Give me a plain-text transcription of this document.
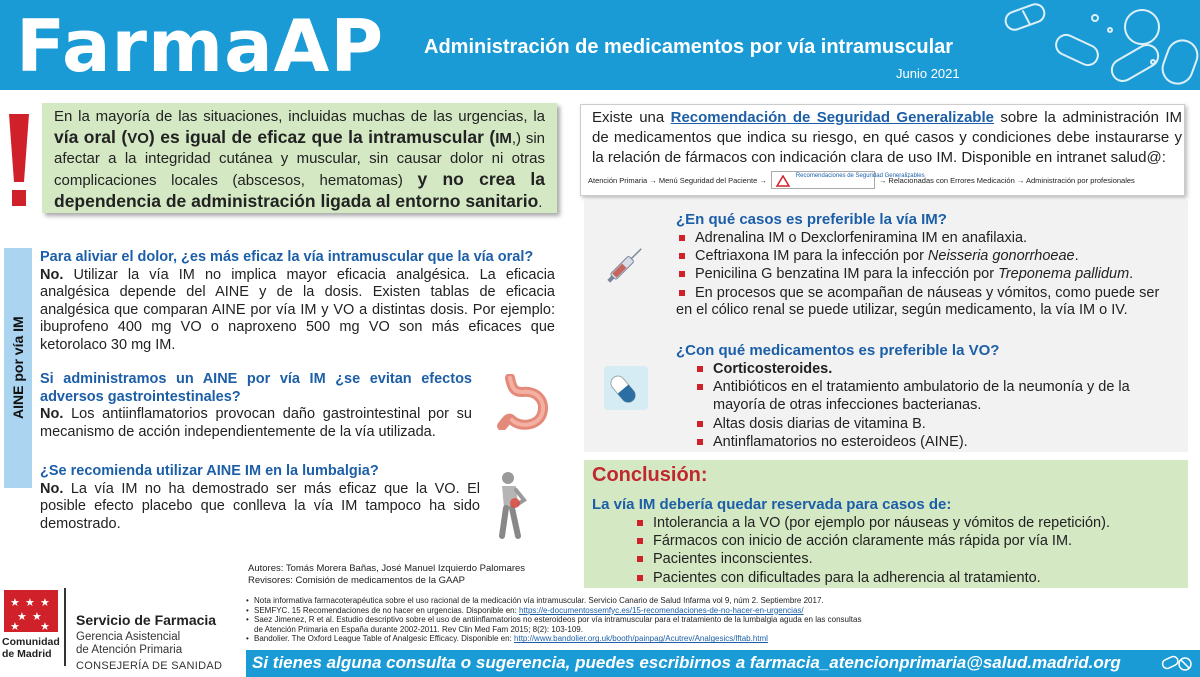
FarmaAP Administración de medicamentos por vía intramuscular
Junio 2021
En la mayoría de las situaciones, incluidas muchas de las urgencias, la vía oral (VO) es igual de eficaz que la intramuscular (IM,) sin afectar a la integridad cutánea y muscular, sin causar dolor ni otras complicaciones locales (abscesos, hematomas) y no crea la dependencia de administración ligada al entorno sanitario.
AINE por vía IM
Para aliviar el dolor, ¿es más eficaz la vía intramuscular que la vía oral?
No. Utilizar la vía IM no implica mayor eficacia analgésica. La eficacia analgésica depende del AINE y de la dosis. Existen tablas de eficacia analgésica que comparan AINE por vía IM y VO a distintas dosis. Por ejemplo: ibuprofeno 400 mg VO o naproxeno 500 mg VO son más eficaces que ketorolaco 30 mg IM.
Si administramos un AINE por vía IM ¿se evitan efectos adversos gastrointestinales?
No. Los antiinflamatorios provocan daño gastrointestinal por su mecanismo de acción independientemente de la vía utilizada.
¿Se recomienda utilizar AINE IM en la lumbalgia?
No. La vía IM no ha demostrado ser más eficaz que la VO. El posible efecto placebo que conlleva la vía IM tampoco ha sido demostrado.
Existe una Recomendación de Seguridad Generalizable sobre la administración IM de medicamentos que indica su riesgo, en qué casos y condiciones debe instaurarse y la relación de fármacos con indicación clara de uso IM. Disponible en intranet salud@:
Atención Primaria → Menú Seguridad del Paciente →	Recomendaciones de Seguridad Generalizables
→ Relacionadas con Errores Medicación → Administración por profesionales
¿En qué casos es preferible la vía IM?
Adrenalina IM o Dexclorfeniramina IM en anafilaxia.
Ceftriaxona IM para la infección por Neisseria gonorrhoeae.
Penicilina G benzatina IM para la infección por Treponema pallidum.
En procesos que se acompañan de náuseas y vómitos, como puede ser
en el cólico renal se puede utilizar, según medicamento, la vía IM o IV.
¿Con qué medicamentos es preferible la VO?
Corticosteroides.
Antibióticos en el tratamiento ambulatorio de la neumonía y de la mayoría de otras infecciones bacterianas.
Altas dosis diarias de vitamina B.
Antinflamatorios no esteroideos (AINE).
Conclusión:
La vía IM debería quedar reservada para casos de:
Intolerancia a la VO (por ejemplo por náuseas y vómitos de repetición).
Fármacos con inicio de acción claramente más rápida por vía IM.
Pacientes inconscientes.
Pacientes con dificultades para la adherencia al tratamiento.
Autores: Tomás Morera Bañas, José Manuel Izquierdo Palomares
Revisores: Comisión de medicamentos de la GAAP
• Nota informativa farmacoterapéutica sobre el uso racional de la medicación vía intramuscular. Servicio Canario de Salud Infarma vol 9, núm 2. Septiembre 2017.
• SEMFYC. 15 Recomendaciones de no hacer en urgencias. Disponible en: https://e-documentossemfyc.es/15-recomendaciones-de-no-hacer-en-urgencias/
• Saez Jimenez, R et al. Estudio descriptivo sobre el uso de antiinflamatorios no esteroideos por vía intramuscular para el tratamiento de la lumbalgia aguda en las consultas de Atención Primaria en España durante 2002-2011. Rev Clin Med Fam 2015; 8(2): 103-109.
• Bandolier. The Oxford League Table of Analgesic Efficacy. Disponible en: http://www.bandolier.org.uk/booth/painpag/Acutrev/Analgesics/lftab.html
★ ★ ★
★ ★
★ ★
Comunidad
de Madrid
Servicio de Farmacia
Gerencia Asistencial
de Atención Primaria
CONSEJERÍA DE SANIDAD Si tienes alguna consulta o sugerencia, puedes escribirnos a farmacia_atencionprimaria@salud.madrid.org
